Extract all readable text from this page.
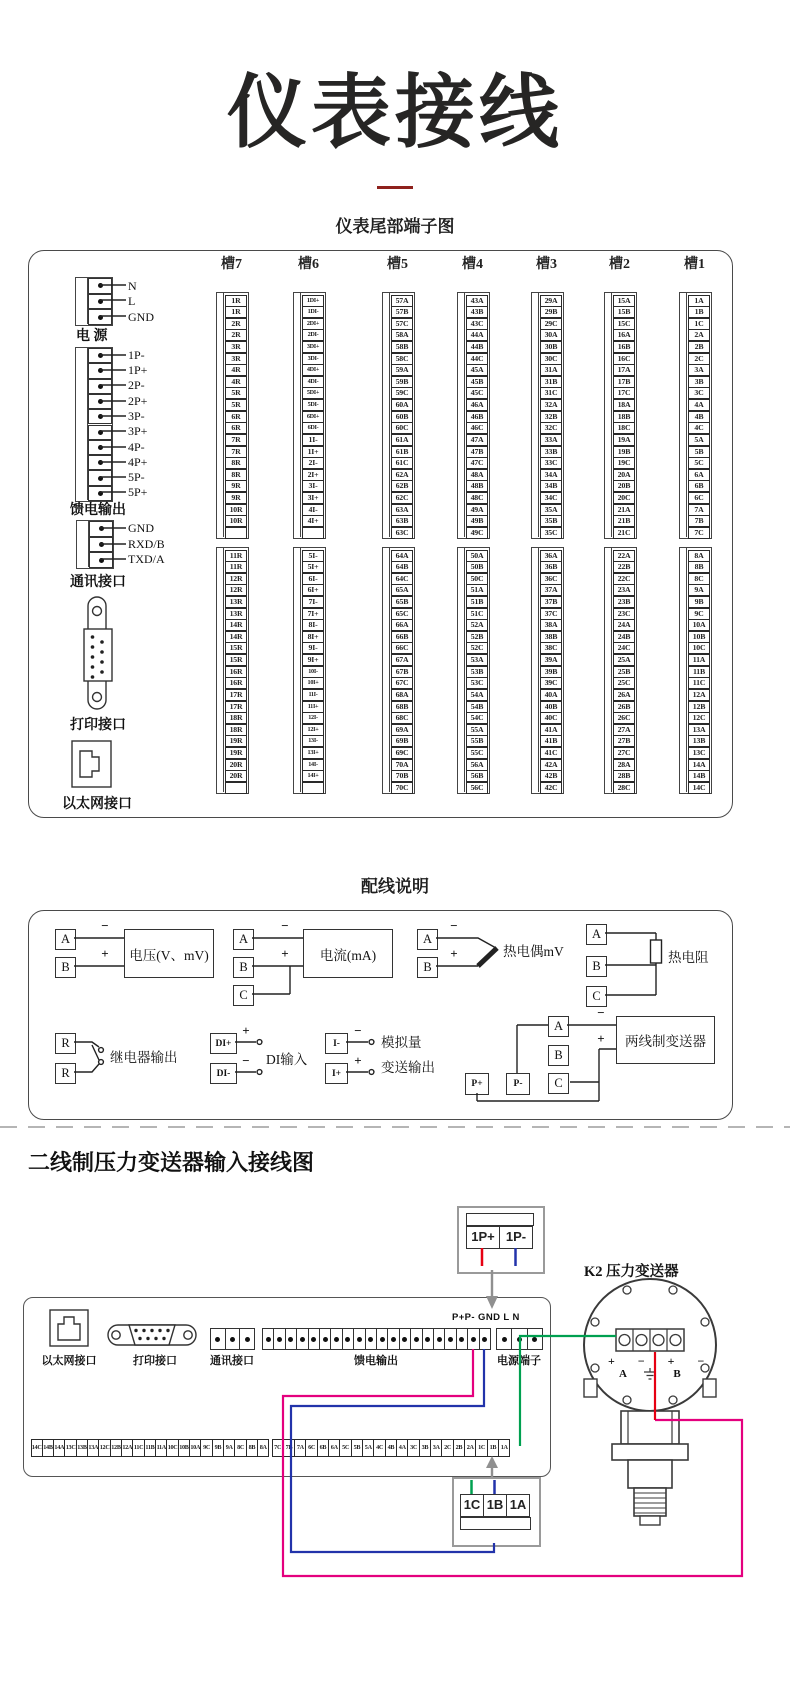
仪表接线
仪表尾部端子图
N
L
GND
1P-
1P+
2P-
2P+
3P-
3P+
4P-
4P+
5P-
5P+
GND
RXD/B
TXD/A
槽7
1R
1R
2R
2R
3R
3R
4R
4R
5R
5R
6R
6R
7R
7R
8R
8R
9R
9R
10R
10R
11R
11R
12R
12R
13R
13R
14R
14R
15R
15R
16R
16R
17R
17R
18R
18R
19R
19R
20R
20R
槽6
1DI+
1DI-
2DI+
2DI-
3DI+
3DI-
4DI+
4DI-
5DI+
5DI-
6DI+
6DI-
1I-
1I+
2I-
2I+
3I-
3I+
4I-
4I+
5I-
5I+
6I-
6I+
7I-
7I+
8I-
8I+
9I-
9I+
10I-
10I+
11I-
11I+
12I-
12I+
13I-
13I+
14I-
14I+
槽5
57A
57B
57C
58A
58B
58C
59A
59B
59C
60A
60B
60C
61A
61B
61C
62A
62B
62C
63A
63B
63C
64A
64B
64C
65A
65B
65C
66A
66B
66C
67A
67B
67C
68A
68B
68C
69A
69B
69C
70A
70B
70C
槽4
43A
43B
43C
44A
44B
44C
45A
45B
45C
46A
46B
46C
47A
47B
47C
48A
48B
48C
49A
49B
49C
50A
50B
50C
51A
51B
51C
52A
52B
52C
53A
53B
53C
54A
54B
54C
55A
55B
55C
56A
56B
56C
槽3
29A
29B
29C
30A
30B
30C
31A
31B
31C
32A
32B
32C
33A
33B
33C
34A
34B
34C
35A
35B
35C
36A
36B
36C
37A
37B
37C
38A
38B
38C
39A
39B
39C
40A
40B
40C
41A
41B
41C
42A
42B
42C
槽2
15A
15B
15C
16A
16B
16C
17A
17B
17C
18A
18B
18C
19A
19B
19C
20A
20B
20C
21A
21B
21C
22A
22B
22C
23A
23B
23C
24A
24B
24C
25A
25B
25C
26A
26B
26C
27A
27B
27C
28A
28B
28C
槽1
1A
1B
1C
2A
2B
2C
3A
3B
3C
4A
4B
4C
5A
5B
5C
6A
6B
6C
7A
7B
7C
8A
8B
8C
9A
9B
9C
10A
10B
10C
11A
11B
11C
12A
12B
12C
13A
13B
13C
14A
14B
14C
14C 14B 14A 13C 13B 13A 12C 12B 12A 11C 11B 11A 10C 10B 10A 9C 9B 9A 8C 8B 8A	7C 7B 7A 6C 6B 6A 5C 5B 5A 4C 4B 4A 3C 3B 3A 2C 2B 2A 1C 1B 1A
电 源
馈电输出
通讯接口
打印接口
以太网接口
配线说明
A
B
−
+	电压(V、mV)
A
B
C
−
+	电流(mA)
A
B
−
+	热电偶mV
A
B
C
热电阻
R
R
继电器输出
DI+
DI-
+
− DI输入
I-
I+
−
+
模拟量
变送输出
A
B
C
P+	P-
−
+	两线制变送器
二线制压力变送器输入接线图
1P+ 1P-
P+P- GND L N
以太网接口	打印接口	通讯接口	馈电输出	电源端子
1C 1B 1A
K2 压力变送器
+ − + −
A	B
